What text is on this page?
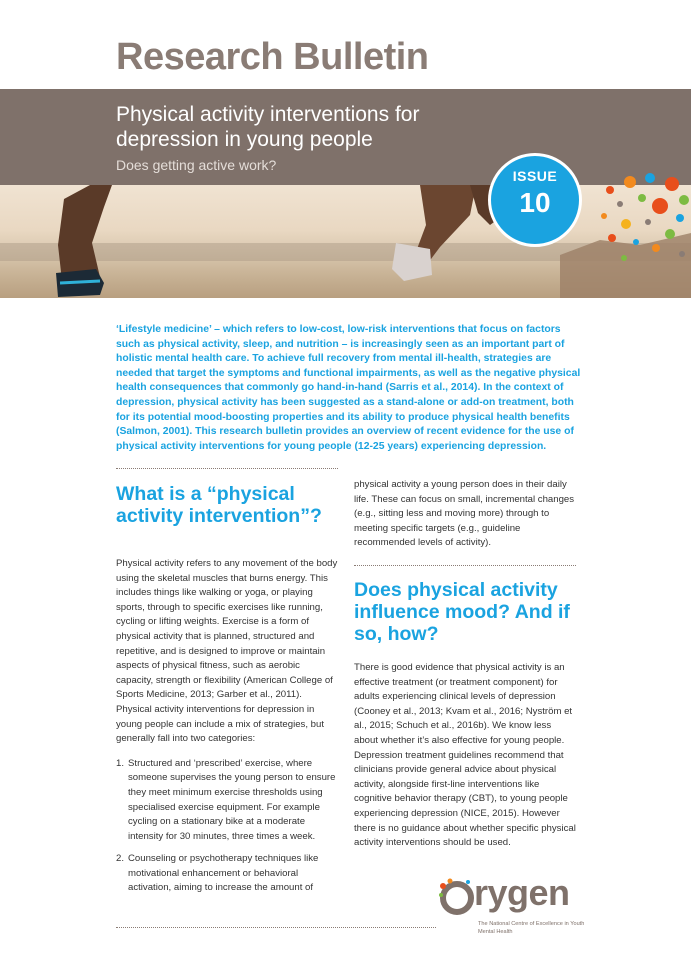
Research Bulletin
Physical activity interventions for depression in young people
Does getting active work?
ISSUE
10

‘Lifestyle medicine’ – which refers to low-cost, low-risk interventions that focus on factors such as physical activity, sleep, and nutrition – is increasingly seen as an important part of holistic mental health care. To achieve full recovery from mental ill-health, strategies are needed that target the symptoms and functional impairments, as well as the negative physical health consequences that commonly go hand-in-hand (Sarris et al., 2014). In the context of depression, physical activity has been suggested as a stand-alone or add-on treatment, both for its potential mood-boosting properties and its ability to produce physical health benefits (Salmon, 2001). This research bulletin provides an overview of recent evidence for the use of physical activity interventions for young people (12-25 years) experiencing depression.

What is a “physical activity intervention”?

Physical activity refers to any movement of the body using the skeletal muscles that burns energy. This includes things like walking or yoga, or playing sports, through to specific exercises like running, cycling or lifting weights. Exercise is a form of physical activity that is planned, structured and repetitive, and is designed to improve or maintain aspects of physical fitness, such as aerobic capacity, strength or flexibility (American College of Sports Medicine, 2013; Garber et al., 2011). Physical activity interventions for depression in young people can include a mix of strategies, but generally fall into two categories:

1. Structured and ‘prescribed’ exercise, where someone supervises the young person to ensure they meet minimum exercise thresholds using specialised exercise equipment. For example cycling on a stationary bike at a moderate intensity for 30 minutes, three times a week.
2. Counseling or psychotherapy techniques like motivational enhancement or behavioral activation, aiming to increase the amount of

physical activity a young person does in their daily life. These can focus on small, incremental changes (e.g., sitting less and moving more) through to meeting specific targets (e.g., guideline recommended levels of activity).

Does physical activity influence mood? And if so, how?

There is good evidence that physical activity is an effective treatment (or treatment component) for adults experiencing clinical levels of depression (Cooney et al., 2013; Kvam et al., 2016; Nyström et al., 2015; Schuch et al., 2016b). We know less about whether it’s also effective for young people. Depression treatment guidelines recommend that clinicians provide general advice about physical activity, alongside first-line interventions like cognitive behavior therapy (CBT), to young people experiencing depression (NICE, 2015). However there is no guidance about whether specific physical activity interventions should be used.

rygen
The National Centre of Excellence in Youth Mental Health
